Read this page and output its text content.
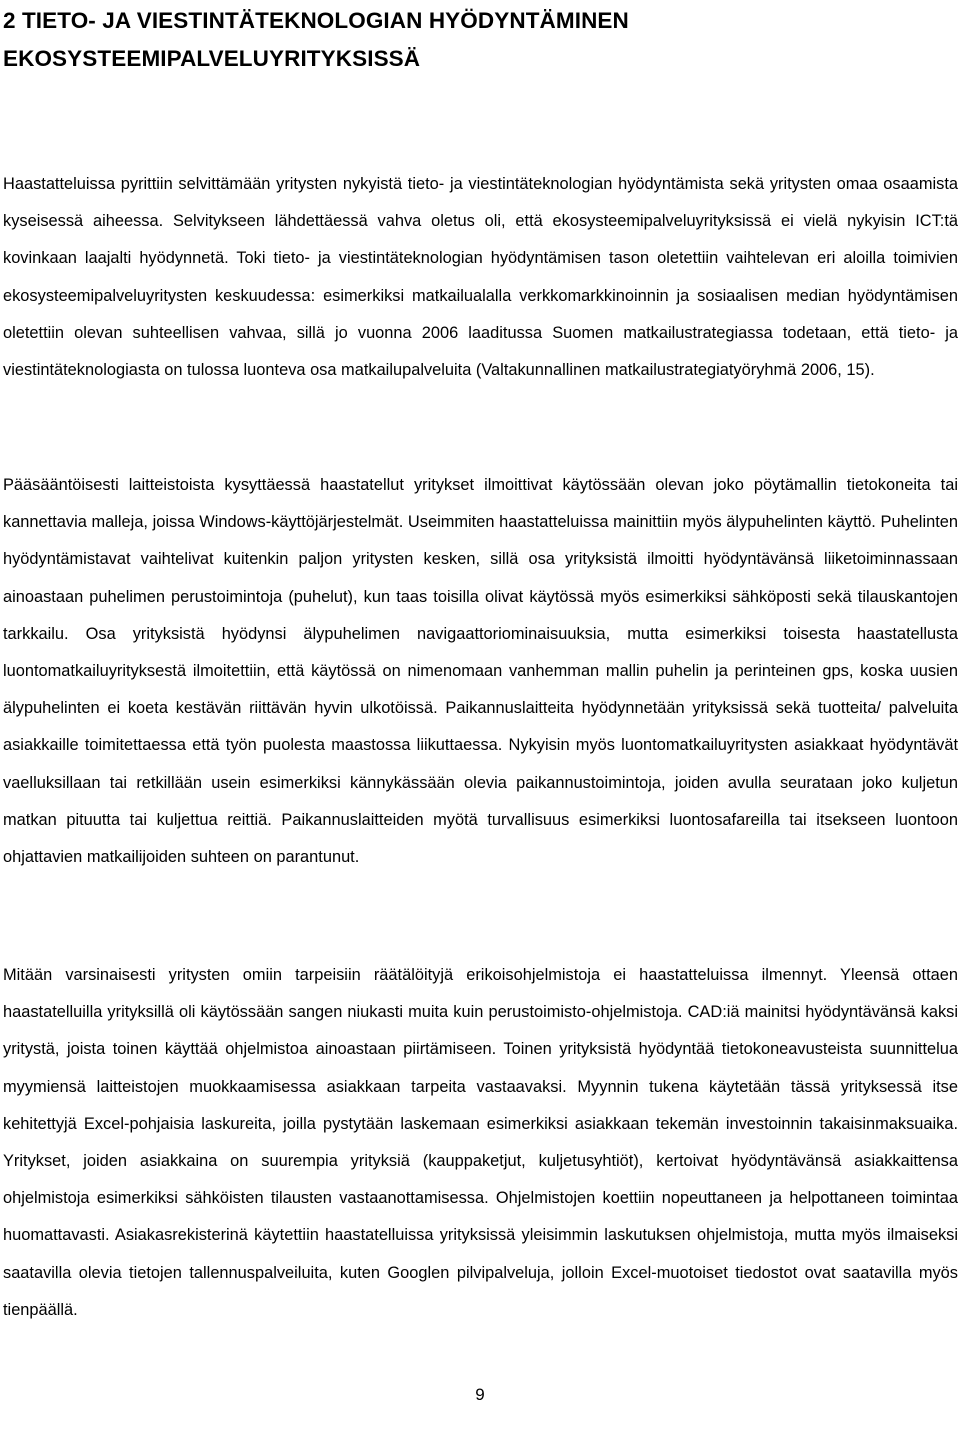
2 TIETO- JA VIESTINTÄTEKNOLOGIAN HYÖDYNTÄMINEN
EKOSYSTEEMIPALVELUYRITYKSISSÄ

Haastatteluissa pyrittiin selvittämään yritysten nykyistä tieto- ja viestintäteknologian hyödyntämista sekä yritysten omaa osaamista kyseisessä aiheessa. Selvitykseen lähdettäessä vahva oletus oli, että ekosysteemipalveluyrityksissä ei vielä nykyisin ICT:tä kovinkaan laajalti hyödynnetä. Toki tieto- ja viestintäteknologian hyödyntämisen tason oletettiin vaihtelevan eri aloilla toimivien ekosysteemipalveluyritysten keskuudessa: esimerkiksi matkailualalla verkkomarkkinoinnin ja sosiaalisen median hyödyntämisen oletettiin olevan suhteellisen vahvaa, sillä jo vuonna 2006 laaditussa Suomen matkailustrategiassa todetaan, että tieto- ja viestintäteknologiasta on tulossa luonteva osa matkailupalveluita (Valtakunnallinen matkailustrategiatyöryhmä 2006, 15).

Pääsääntöisesti laitteistoista kysyttäessä haastatellut yritykset ilmoittivat käytössään olevan joko pöytämallin tietokoneita tai kannettavia malleja, joissa Windows-käyttöjärjestelmät. Useimmiten haastatteluissa mainittiin myös älypuhelinten käyttö. Puhelinten hyödyntämistavat vaihtelivat kuitenkin paljon yritysten kesken, sillä osa yrityksistä ilmoitti hyödyntävänsä liiketoiminnassaan ainoastaan puhelimen perustoimintoja (puhelut), kun taas toisilla olivat käytössä myös esimerkiksi sähköposti sekä tilauskantojen tarkkailu. Osa yrityksistä hyödynsi älypuhelimen navigaattoriominaisuuksia, mutta esimerkiksi toisesta haastatellusta luontomatkailuyrityksestä ilmoitettiin, että käytössä on nimenomaan vanhemman mallin puhelin ja perinteinen gps, koska uusien älypuhelinten ei koeta kestävän riittävän hyvin ulkotöissä. Paikannuslaitteita hyödynnetään yrityksissä sekä tuotteita/ palveluita asiakkaille toimitettaessa että työn puolesta maastossa liikuttaessa. Nykyisin myös luontomatkailuyritysten asiakkaat hyödyntävät vaelluksillaan tai retkillään usein esimerkiksi kännykässään olevia paikannustoimintoja, joiden avulla seurataan joko kuljetun matkan pituutta tai kuljettua reittiä. Paikannuslaitteiden myötä turvallisuus esimerkiksi luontosafareilla tai itsekseen luontoon ohjattavien matkailijoiden suhteen on parantunut.

Mitään varsinaisesti yritysten omiin tarpeisiin räätälöityjä erikoisohjelmistoja ei haastatteluissa ilmennyt. Yleensä ottaen haastatelluilla yrityksillä oli käytössään sangen niukasti muita kuin perustoimisto-ohjelmistoja. CAD:iä mainitsi hyödyntävänsä kaksi yritystä, joista toinen käyttää ohjelmistoa ainoastaan piirtämiseen. Toinen yrityksistä hyödyntää tietokoneavusteista suunnittelua myymiensä laitteistojen muokkaamisessa asiakkaan tarpeita vastaavaksi. Myynnin tukena käytetään tässä yrityksessä itse kehitettyjä Excel-pohjaisia laskureita, joilla pystytään laskemaan esimerkiksi asiakkaan tekemän investoinnin takaisinmaksuaika. Yritykset, joiden asiakkaina on suurempia yrityksiä (kauppaketjut, kuljetusyhtiöt), kertoivat hyödyntävänsä asiakkaittensa ohjelmistoja esimerkiksi sähköisten tilausten vastaanottamisessa. Ohjelmistojen koettiin nopeuttaneen ja helpottaneen toimintaa huomattavasti. Asiakasrekisterinä käytettiin haastatelluissa yrityksissä yleisimmin laskutuksen ohjelmistoja, mutta myös ilmaiseksi saatavilla olevia tietojen tallennuspalveiluita, kuten Googlen pilvipalveluja, jolloin Excel-muotoiset tiedostot ovat saatavilla myös tienpäällä.

9
